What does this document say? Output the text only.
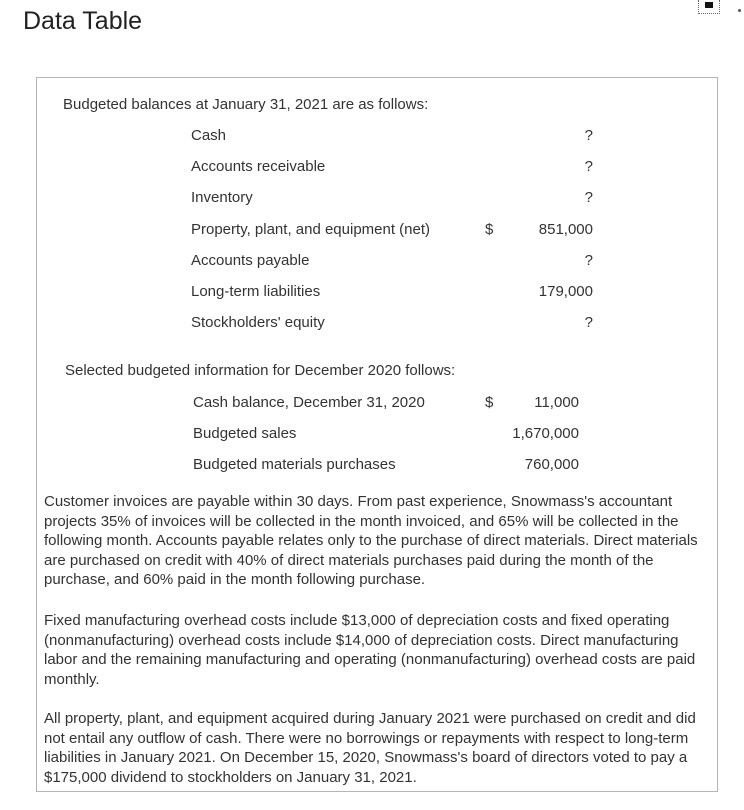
Data Table
Budgeted balances at January 31, 2021 are as follows:
Cash	?
Accounts receivable	?
Inventory	?
Property, plant, and equipment (net)	$	851,000
Accounts payable	?
Long-term liabilities	179,000
Stockholders' equity	?
Selected budgeted information for December 2020 follows:
Cash balance, December 31, 2020	$	11,000
Budgeted sales	1,670,000
Budgeted materials purchases	760,000

Customer invoices are payable within 30 days. From past experience, Snowmass's accountant projects 35% of invoices will be collected in the month invoiced, and 65% will be collected in the following month. Accounts payable relates only to the purchase of direct materials. Direct materials are purchased on credit with 40% of direct materials purchases paid during the month of the purchase, and 60% paid in the month following purchase.

Fixed manufacturing overhead costs include $13,000 of depreciation costs and fixed operating (nonmanufacturing) overhead costs include $14,000 of depreciation costs. Direct manufacturing labor and the remaining manufacturing and operating (nonmanufacturing) overhead costs are paid monthly.

All property, plant, and equipment acquired during January 2021 were purchased on credit and did not entail any outflow of cash. There were no borrowings or repayments with respect to long-term liabilities in January 2021. On December 15, 2020, Snowmass's board of directors voted to pay a $175,000 dividend to stockholders on January 31, 2021.
